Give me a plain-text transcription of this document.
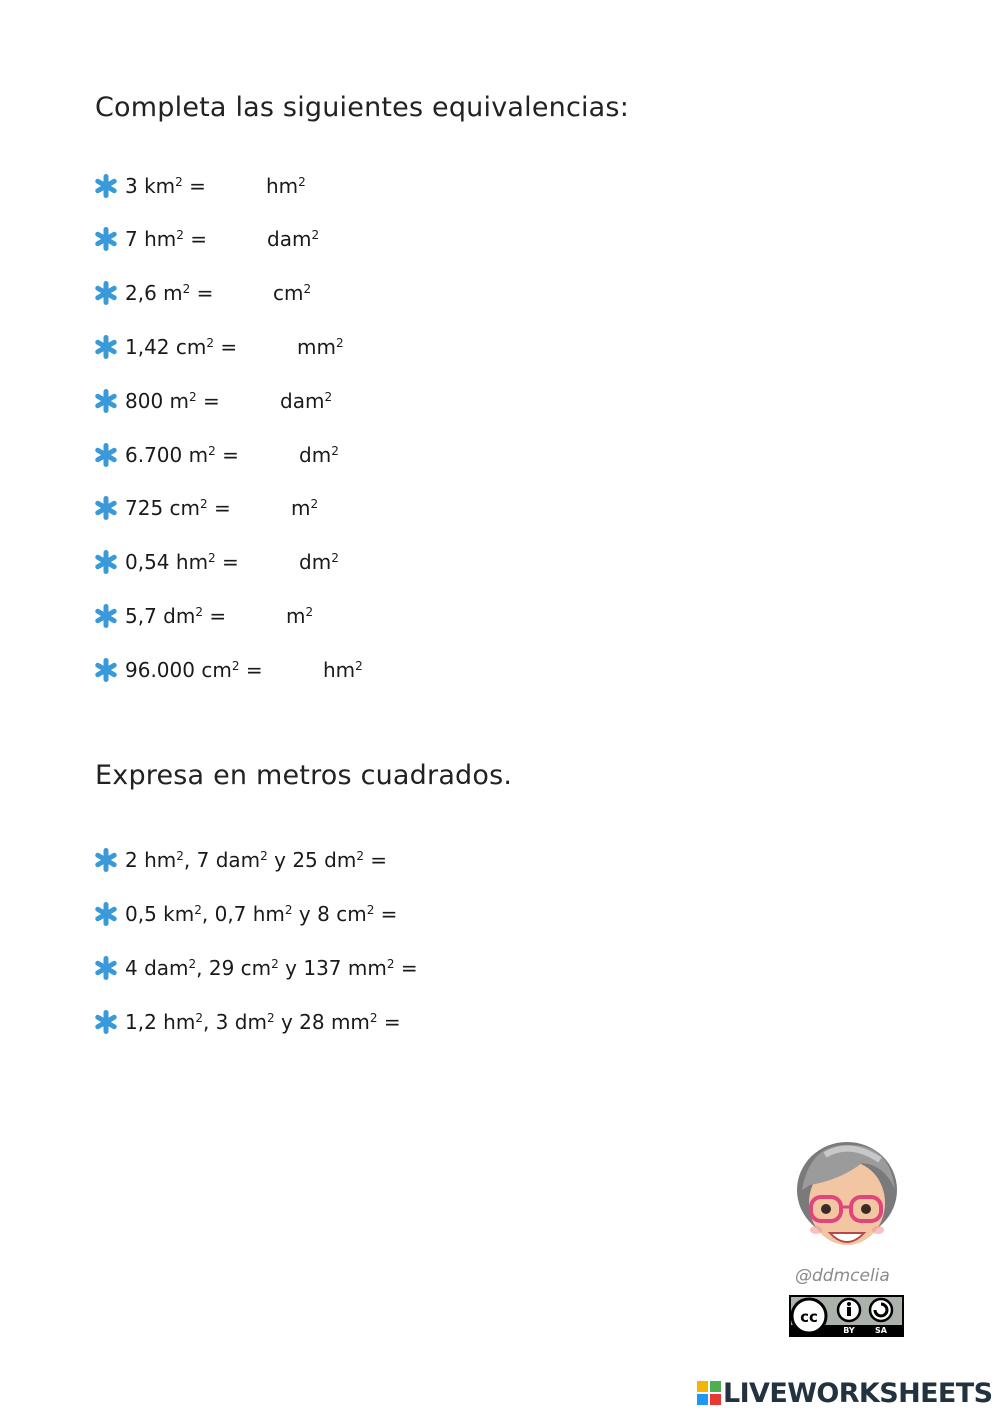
Completa las siguientes equivalencias:
3 $km^2$ =	$hm^2$
7 $hm^2$ =	dam$^2$
2,6 $m^2$ =	$cm^2$
1,42 $cm^2$ =	$mm^2$
800 $m^2$ =	dam$^2$
6.700 $m^2$ =	$dm^2$
725 $cm^2$ =	$m^2$
0,54 $hm^2$ =	$dm^2$
5,7 $dm^2$ =	$m^2$
96.000 $cm^2$ =	$hm^2$
Expresa en metros cuadrados.
2 $hm^2$, 7 dam$^2$ y 25 $dm^2$ =
0,5 $km^2$, 0,7 $hm^2$ y 8 $cm^2$ =
4 dam$^2$, 29 $cm^2$ y 137 $mm^2$ =
1,2 $hm^2$, 3 $dm^2$ y 28 $mm^2$ =
@ddmcelia
cc
BY	SA
LIVEWORKSHEETS
